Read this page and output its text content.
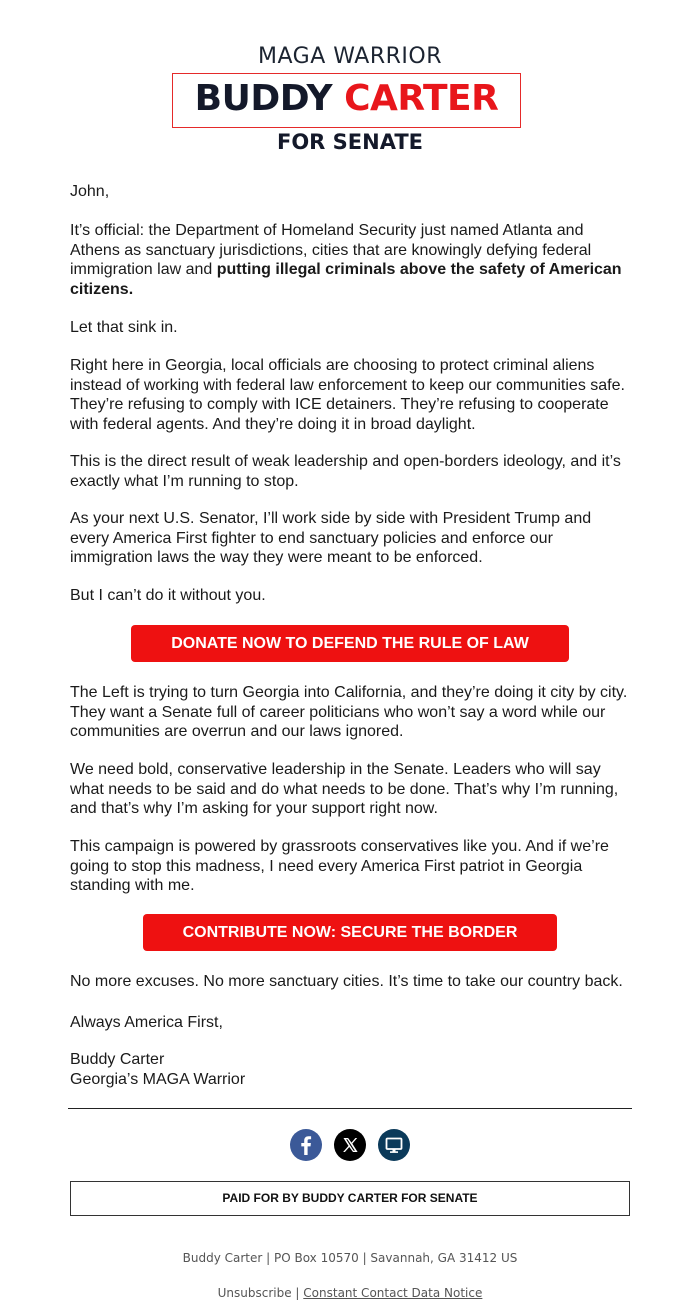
MAGA WARRIOR
BUDDY CARTER
FOR SENATE

John,

It’s official: the Department of Homeland Security just named Atlanta and Athens as sanctuary jurisdictions, cities that are knowingly defying federal immigration law and putting illegal criminals above the safety of American citizens.

Let that sink in.

Right here in Georgia, local officials are choosing to protect criminal aliens instead of working with federal law enforcement to keep our communities safe. They’re refusing to comply with ICE detainers. They’re refusing to cooperate with federal agents. And they’re doing it in broad daylight.

This is the direct result of weak leadership and open-borders ideology, and it’s exactly what I’m running to stop.

As your next U.S. Senator, I’ll work side by side with President Trump and every America First fighter to end sanctuary policies and enforce our immigration laws the way they were meant to be enforced.

But I can’t do it without you.

DONATE NOW TO DEFEND THE RULE OF LAW

The Left is trying to turn Georgia into California, and they’re doing it city by city. They want a Senate full of career politicians who won’t say a word while our communities are overrun and our laws ignored.

We need bold, conservative leadership in the Senate. Leaders who will say what needs to be said and do what needs to be done. That’s why I’m running, and that’s why I’m asking for your support right now.

This campaign is powered by grassroots conservatives like you. And if we’re going to stop this madness, I need every America First patriot in Georgia standing with me.

CONTRIBUTE NOW: SECURE THE BORDER

No more excuses. No more sanctuary cities. It’s time to take our country back.

Always America First,

Buddy Carter

Georgia’s MAGA Warrior

PAID FOR BY BUDDY CARTER FOR SENATE
Buddy Carter | PO Box 10570 | Savannah, GA 31412 US
Unsubscribe | Constant Contact Data Notice
